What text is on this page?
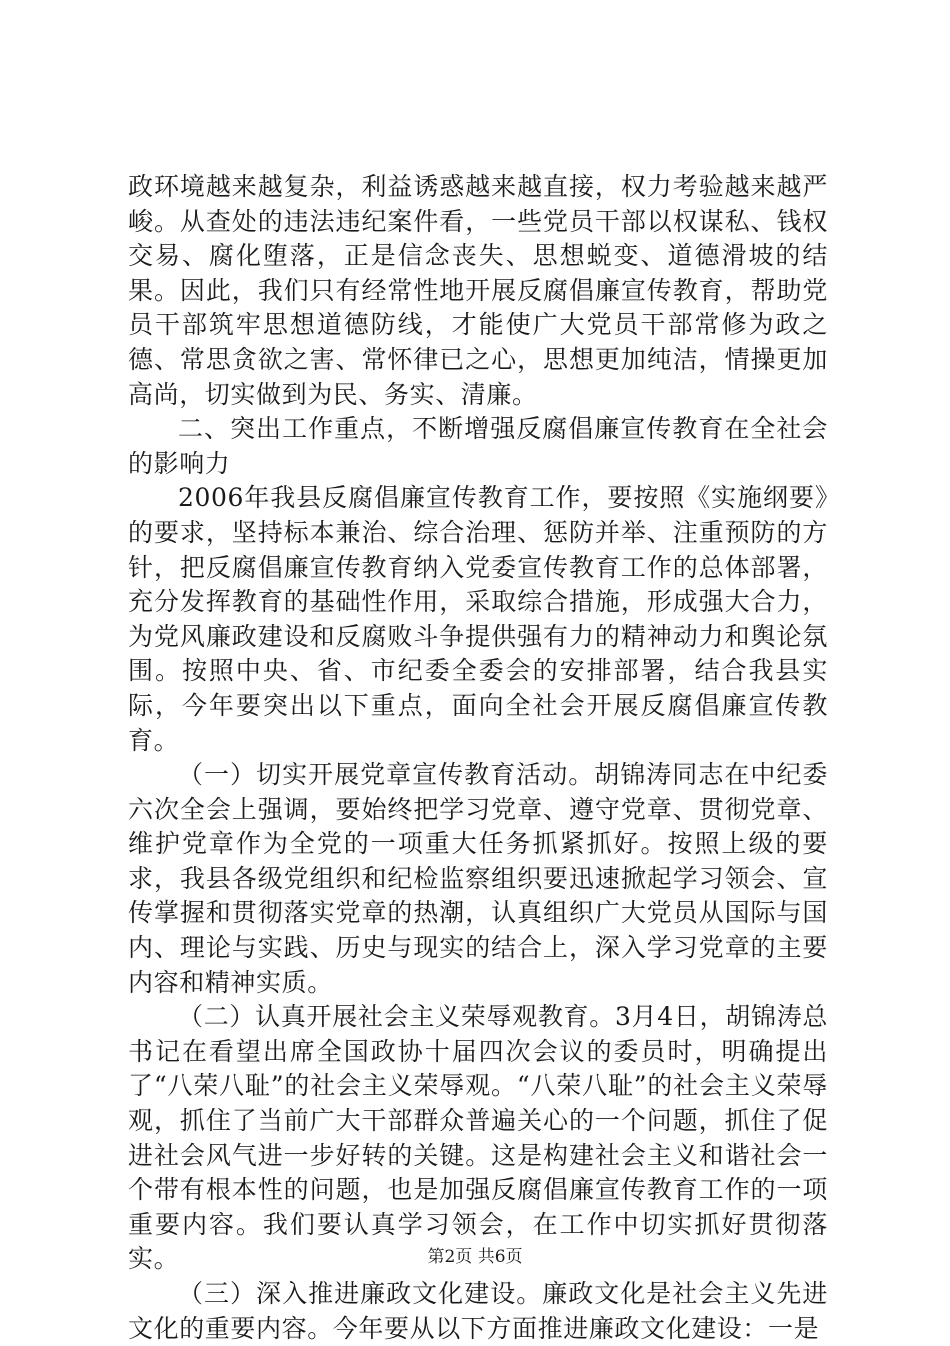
政环境越来越复杂，利益诱惑越来越直接，权力考验越来越严峻。从查处的违法违纪案件看，一些党员干部以权谋私、钱权交易、腐化堕落，正是信念丧失、思想蜕变、道德滑坡的结果。因此，我们只有经常性地开展反腐倡廉宣传教育，帮助党员干部筑牢思想道德防线，才能使广大党员干部常修为政之德、常思贪欲之害、常怀律已之心，思想更加纯洁，情操更加高尚，切实做到为民、务实、清廉。

二、突出工作重点，不断增强反腐倡廉宣传教育在全社会的影响力

2006年我县反腐倡廉宣传教育工作，要按照《实施纲要》的要求，坚持标本兼治、综合治理、惩防并举、注重预防的方针，把反腐倡廉宣传教育纳入党委宣传教育工作的总体部署，充分发挥教育的基础性作用，采取综合措施，形成强大合力，为党风廉政建设和反腐败斗争提供强有力的精神动力和舆论氛围。按照中央、省、市纪委全委会的安排部署，结合我县实际，今年要突出以下重点，面向全社会开展反腐倡廉宣传教育。

（一）切实开展党章宣传教育活动。胡锦涛同志在中纪委六次全会上强调，要始终把学习党章、遵守党章、贯彻党章、维护党章作为全党的一项重大任务抓紧抓好。按照上级的要求，我县各级党组织和纪检监察组织要迅速掀起学习领会、宣传掌握和贯彻落实党章的热潮，认真组织广大党员从国际与国内、理论与实践、历史与现实的结合上，深入学习党章的主要内容和精神实质。

（二）认真开展社会主义荣辱观教育。3月4日，胡锦涛总书记在看望出席全国政协十届四次会议的委员时，明确提出了“八荣八耻”的社会主义荣辱观。“八荣八耻”的社会主义荣辱观，抓住了当前广大干部群众普遍关心的一个问题，抓住了促进社会风气进一步好转的关键。这是构建社会主义和谐社会一个带有根本性的问题，也是加强反腐倡廉宣传教育工作的一项重要内容。我们要认真学习领会，在工作中切实抓好贯彻落实。

（三）深入推进廉政文化建设。廉政文化是社会主义先进文化的重要内容。今年要从以下方面推进廉政文化建设：一是

第2页 共6页
